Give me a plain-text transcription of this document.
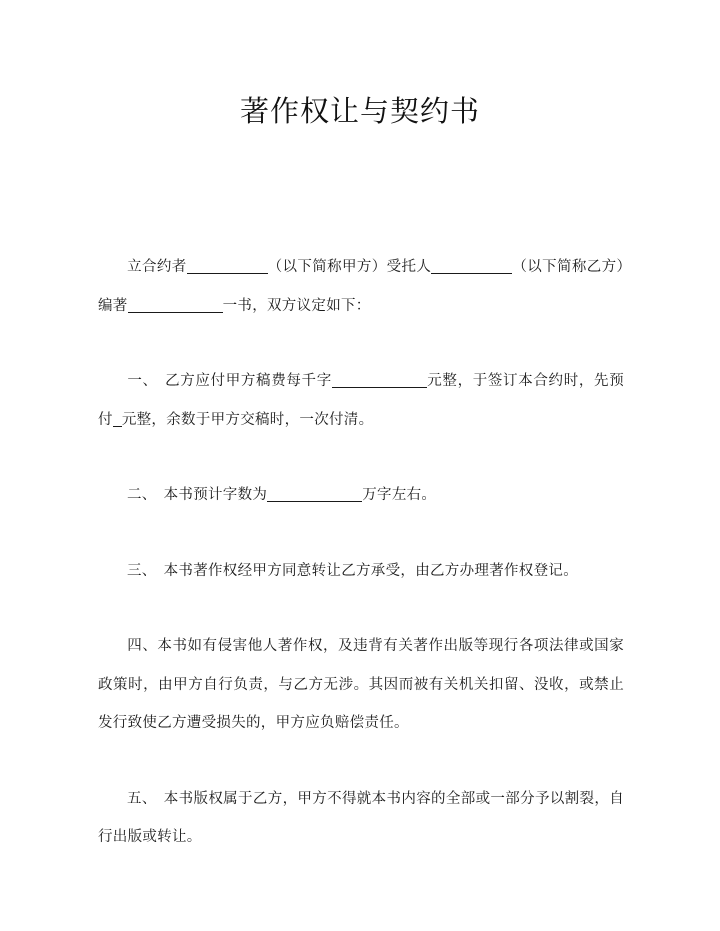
著作权让与契约书

立合约者	（以下简称甲方）受托人	（以下简称乙方）编著	一书，双方议定如下：

一、 乙方应付甲方稿费每千字	元整，于签订本合约时，先预付 元整，余数于甲方交稿时，一次付清。

二、 本书预计字数为	万字左右。

三、 本书著作权经甲方同意转让乙方承受，由乙方办理著作权登记。

四、本书如有侵害他人著作权，及违背有关著作出版等现行各项法律或国家政策时，由甲方自行负责，与乙方无涉。其因而被有关机关扣留、没收，或禁止发行致使乙方遭受损失的，甲方应负赔偿责任。

五、 本书版权属于乙方，甲方不得就本书内容的全部或一部分予以割裂，自行出版或转让。
